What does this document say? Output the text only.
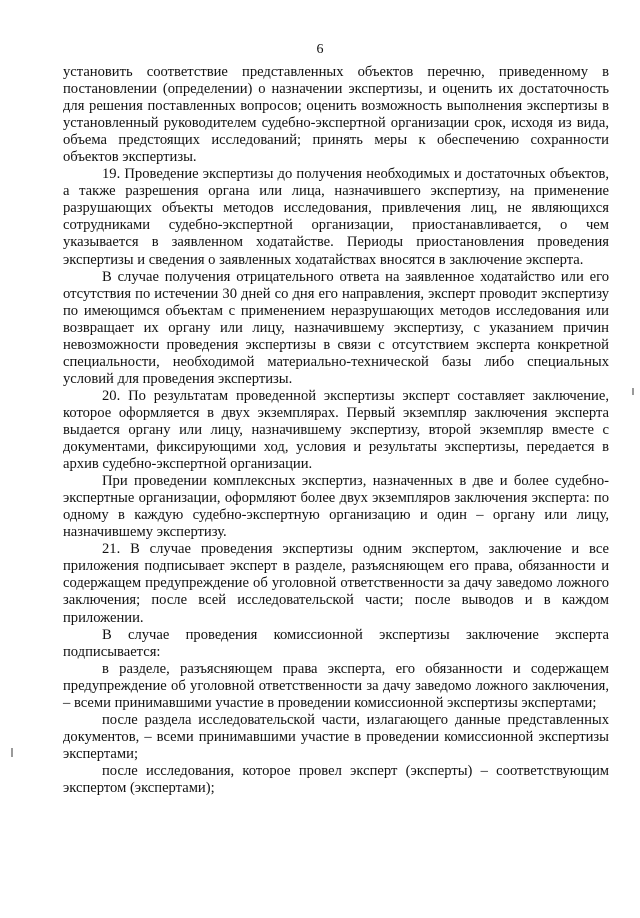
6

установить соответствие представленных объектов перечню, приведенному в постановлении (определении) о назначении экспертизы, и оценить их достаточность для решения поставленных вопросов; оценить возможность выполнения экспертизы в установленный руководителем судебно-экспертной организации срок, исходя из вида, объема предстоящих исследований; принять меры к обеспечению сохранности объектов экспертизы.

19. Проведение экспертизы до получения необходимых и достаточных объектов, а также разрешения органа или лица, назначившего экспертизу, на применение разрушающих объекты методов исследования, привлечения лиц, не являющихся сотрудниками судебно-экспертной организации, приостанавливается, о чем указывается в заявленном ходатайстве. Периоды приостановления проведения экспертизы и сведения о заявленных ходатайствах вносятся в заключение эксперта.

В случае получения отрицательного ответа на заявленное ходатайство или его отсутствия по истечении 30 дней со дня его направления, эксперт проводит экспертизу по имеющимся объектам с применением неразрушающих методов исследования или возвращает их органу или лицу, назначившему экспертизу, с указанием причин невозможности проведения экспертизы в связи с отсутствием эксперта конкретной специальности, необходимой материально-технической базы либо специальных условий для проведения экспертизы.

20. По результатам проведенной экспертизы эксперт составляет заключение, которое оформляется в двух экземплярах. Первый экземпляр заключения эксперта выдается органу или лицу, назначившему экспертизу, второй экземпляр вместе с документами, фиксирующими ход, условия и результаты экспертизы, передается в архив судебно-экспертной организации.

При проведении комплексных экспертиз, назначенных в две и более судебно-экспертные организации, оформляют более двух экземпляров заключения эксперта: по одному в каждую судебно-экспертную организацию и один – органу или лицу, назначившему экспертизу.

21. В случае проведения экспертизы одним экспертом, заключение и все приложения подписывает эксперт в разделе, разъясняющем его права, обязанности и содержащем предупреждение об уголовной ответственности за дачу заведомо ложного заключения; после всей исследовательской части; после выводов и в каждом приложении.

В случае проведения комиссионной экспертизы заключение эксперта подписывается:

в разделе, разъясняющем права эксперта, его обязанности и содержащем предупреждение об уголовной ответственности за дачу заведомо ложного заключения, – всеми принимавшими участие в проведении комиссионной экспертизы экспертами;

после раздела исследовательской части, излагающего данные представленных документов, – всеми принимавшими участие в проведении комиссионной экспертизы экспертами;

после исследования, которое провел эксперт (эксперты) – соответствующим экспертом (экспертами);
